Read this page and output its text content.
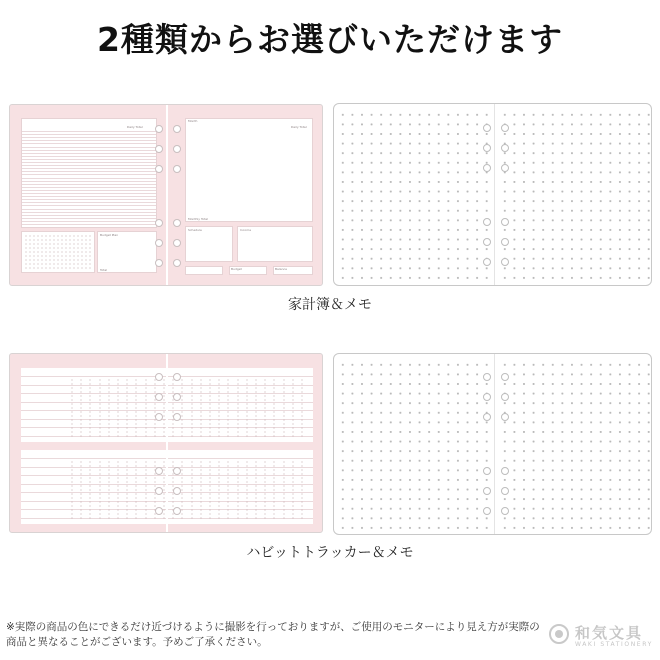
2種類からお選びいただけます
Daily Total
Budget Plan
Total
Month
Daily Total
Monthly Total
Schedule	Income
Budget	Balance
家計簿＆メモ
ハビットトラッカー＆メモ
※実際の商品の色にできるだけ近づけるように撮影を行っておりますが、ご使用のモニターにより見え方が実際の商品と異なることがございます。予めご了承ください。	和気文具
WAKI STATIONERY
